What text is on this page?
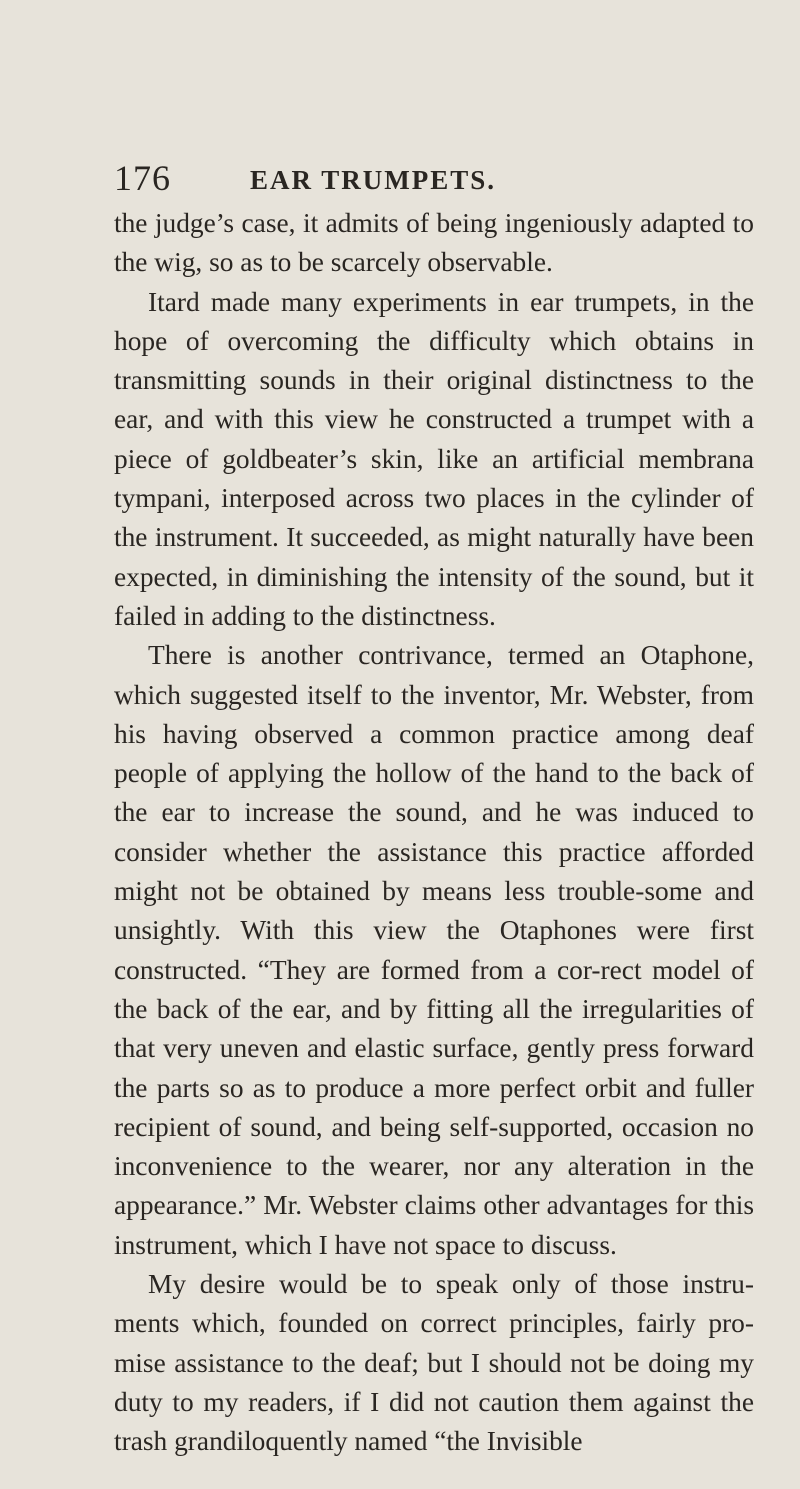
176	EAR TRUMPETS.

the judge’s case, it admits of being ingeniously adapted to the wig, so as to be scarcely observable.

Itard made many experiments in ear trumpets, in the hope of overcoming the difficulty which obtains in transmitting sounds in their original distinctness to the ear, and with this view he constructed a trumpet with a piece of goldbeater’s skin, like an artificial membrana tympani, interposed across two places in the cylinder of the instrument. It succeeded, as might naturally have been expected, in diminishing the intensity of the sound, but it failed in adding to the distinctness.

There is another contrivance, termed an Otaphone, which suggested itself to the inventor, Mr. Webster, from his having observed a common practice among deaf people of applying the hollow of the hand to the back of the ear to increase the sound, and he was induced to consider whether the assistance this practice afforded might not be obtained by means less trouble-some and unsightly. With this view the Otaphones were first constructed. “They are formed from a cor-rect model of the back of the ear, and by fitting all the irregularities of that very uneven and elastic surface, gently press forward the parts so as to produce a more perfect orbit and fuller recipient of sound, and being self-supported, occasion no inconvenience to the wearer, nor any alteration in the appearance.” Mr. Webster claims other advantages for this instrument, which I have not space to discuss.

My desire would be to speak only of those instru-ments which, founded on correct principles, fairly pro-mise assistance to the deaf; but I should not be doing my duty to my readers, if I did not caution them against the trash grandiloquently named “the Invisible
